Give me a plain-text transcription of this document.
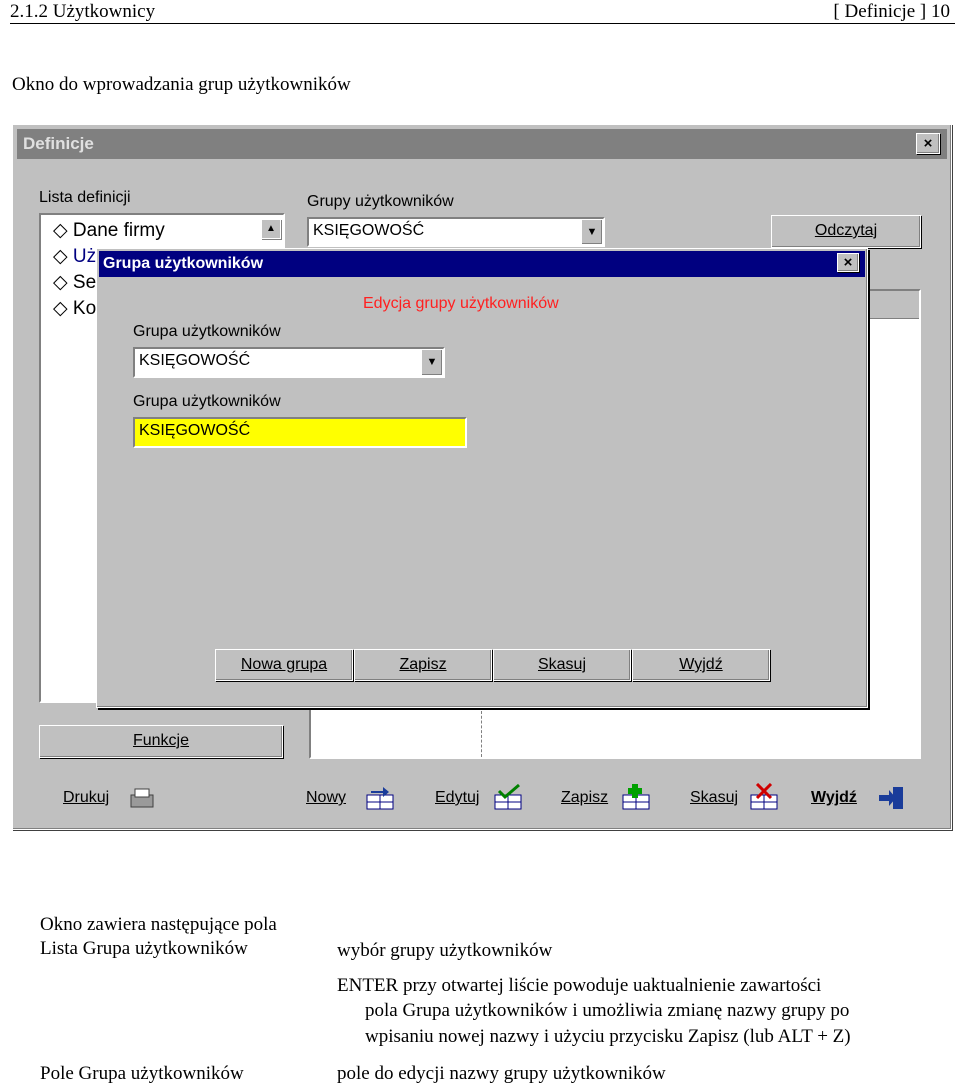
2.1.2 Użytkownicy	[ Definicje ] 10
Okno do wprowadzania grup użytkowników
Definicje	×
Lista definicji
◇ Dane firmy
◇ Uż
◇ Se
◇ Ko
▲
Grupy użytkowników
KSIĘGOWOŚĆ	▼	Odczytaj
Funkcje
Drukuj	Nowy	Edytuj	Zapisz	Skasuj	Wyjdź
Grupa użytkowników	×
Edycja grupy użytkowników
Grupa użytkowników
KSIĘGOWOŚĆ	▼
Grupa użytkowników
KSIĘGOWOŚĆ
Nowa grupa	Zapisz	Skasuj	Wyjdź
Okno zawiera następujące pola
Lista Grupa użytkowników	wybór grupy użytkowników
ENTER przy otwartej liście powoduje uaktualnienie zawartości
pola Grupa użytkowników i umożliwia zmianę nazwy grupy po
wpisaniu nowej nazwy i użyciu przycisku Zapisz (lub ALT + Z)
Pole Grupa użytkowników	pole do edycji nazwy grupy użytkowników
